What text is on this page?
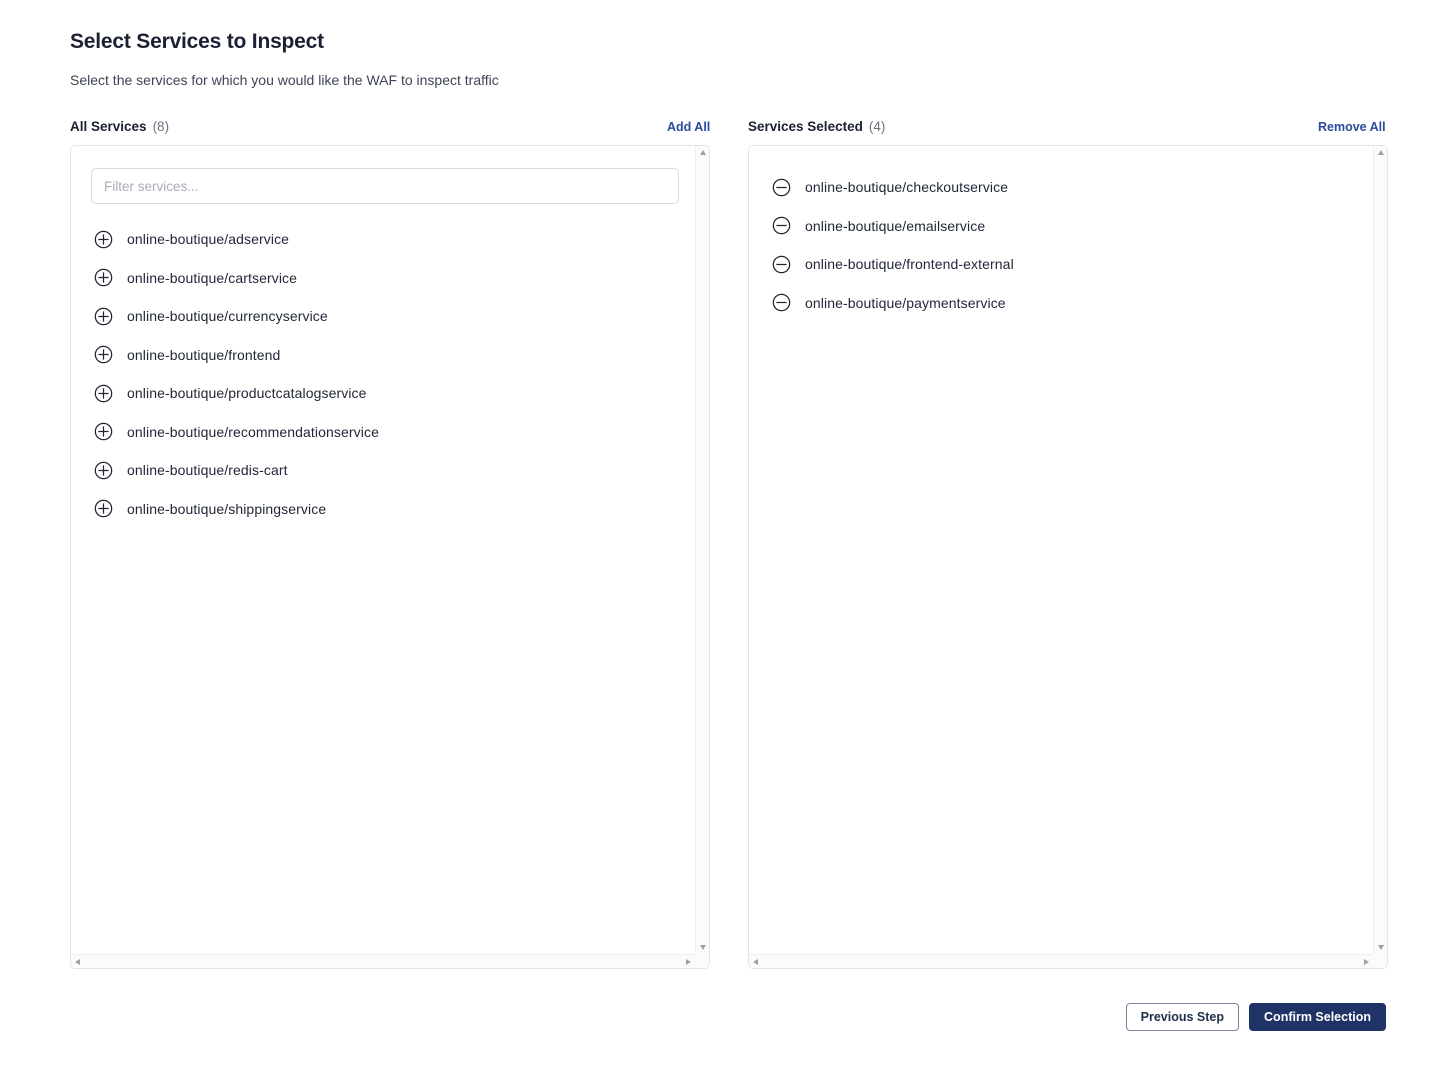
Select Services to Inspect
Select the services for which you would like the WAF to inspect traffic
All Services (8)	Add All	Services Selected (4)	Remove All
Filter services...
online-boutique/adservice
online-boutique/cartservice
online-boutique/currencyservice
online-boutique/frontend
online-boutique/productcatalogservice
online-boutique/recommendationservice
online-boutique/redis-cart
online-boutique/shippingservice
online-boutique/checkoutservice
online-boutique/emailservice
online-boutique/frontend-external
online-boutique/paymentservice
Previous Step	Confirm Selection
